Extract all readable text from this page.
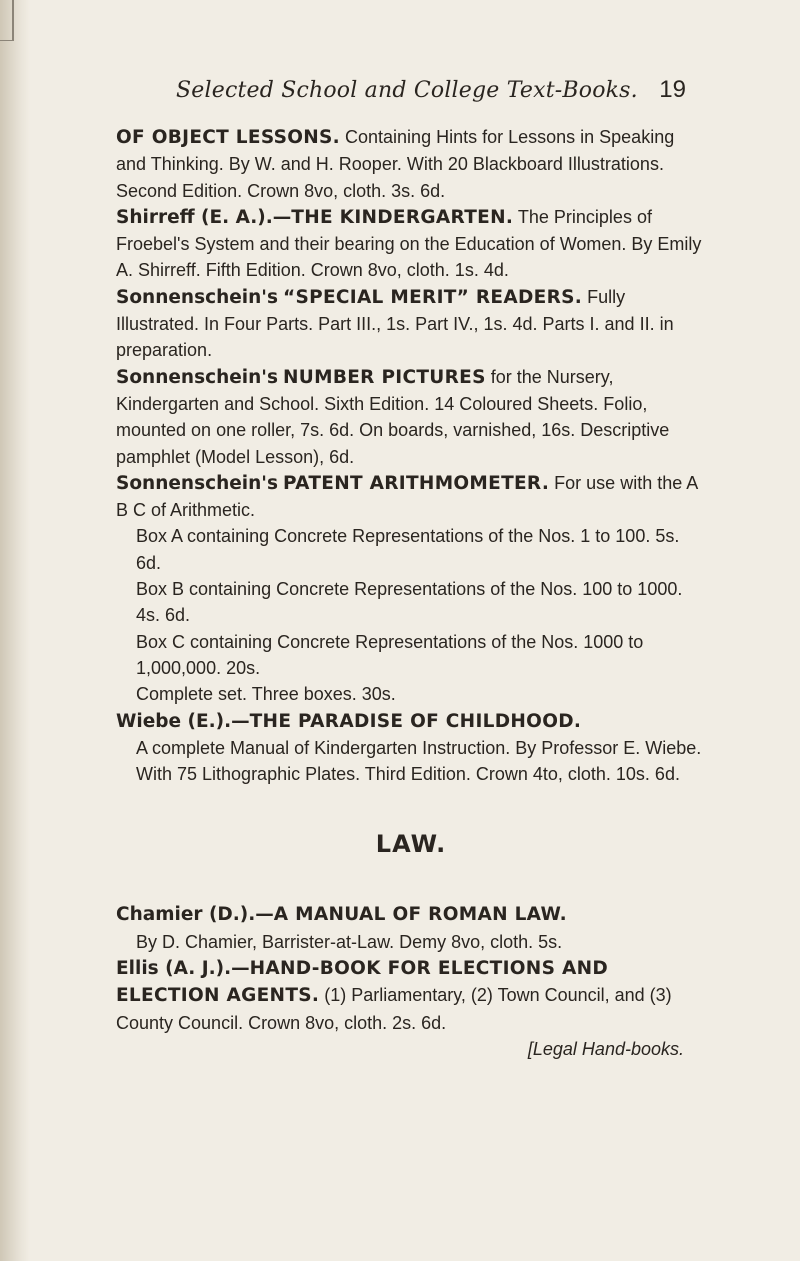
Selected School and College Text-Books. 19

OF OBJECT LESSONS. Containing Hints for Lessons in Speaking and Thinking. By W. and H. Rooper. With 20 Blackboard Illustrations. Second Edition. Crown 8vo, cloth. 3s. 6d.

Shirreff (E. A.).—THE KINDERGARTEN. The Principles of Froebel's System and their bearing on the Education of Women. By Emily A. Shirreff. Fifth Edition. Crown 8vo, cloth. 1s. 4d.

Sonnenschein's “SPECIAL MERIT” READERS. Fully Illustrated. In Four Parts. Part III., 1s. Part IV., 1s. 4d. Parts I. and II. in preparation.

Sonnenschein's NUMBER PICTURES for the Nursery, Kindergarten and School. Sixth Edition. 14 Coloured Sheets. Folio, mounted on one roller, 7s. 6d. On boards, varnished, 16s. Descriptive pamphlet (Model Lesson), 6d.

Sonnenschein's PATENT ARITHMOMETER. For use with the A B C of Arithmetic.

Box A containing Concrete Representations of the Nos. 1 to 100. 5s. 6d.

Box B containing Concrete Representations of the Nos. 100 to 1000. 4s. 6d.

Box C containing Concrete Representations of the Nos. 1000 to 1,000,000. 20s.

Complete set. Three boxes. 30s.

Wiebe (E.).—THE PARADISE OF CHILDHOOD.

A complete Manual of Kindergarten Instruction. By Professor E. Wiebe. With 75 Lithographic Plates. Third Edition. Crown 4to, cloth. 10s. 6d.

LAW.

Chamier (D.).—A MANUAL OF ROMAN LAW.

By D. Chamier, Barrister-at-Law. Demy 8vo, cloth. 5s.

Ellis (A. J.).—HAND-BOOK FOR ELECTIONS AND ELECTION AGENTS. (1) Parliamentary, (2) Town Council, and (3) County Council. Crown 8vo, cloth. 2s. 6d.

[Legal Hand-books.
